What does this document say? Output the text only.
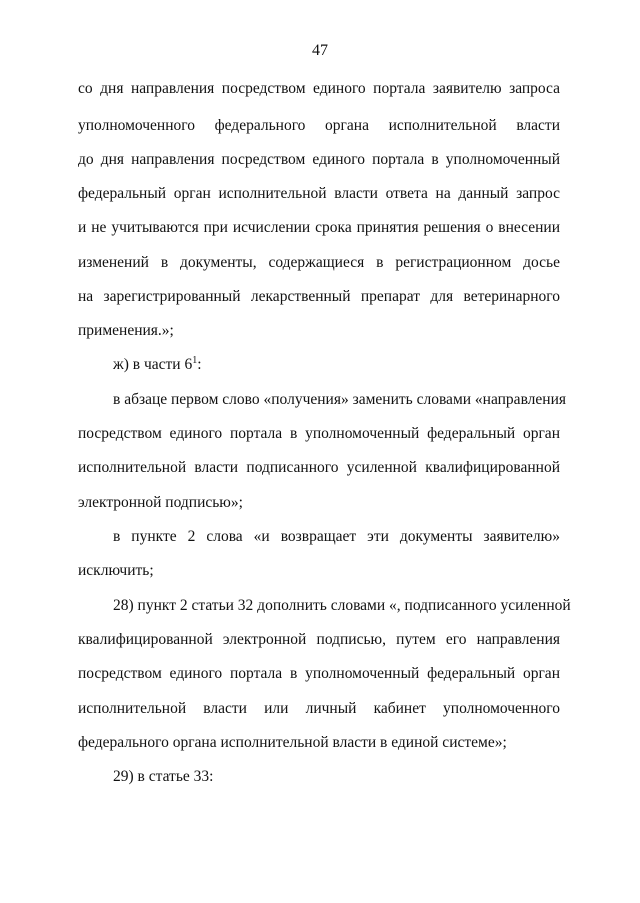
47
со дня направления посредством единого портала заявителю запроса
уполномоченного федерального органа исполнительной власти
до дня направления посредством единого портала в уполномоченный
федеральный орган исполнительной власти ответа на данный запрос
и не учитываются при исчислении срока принятия решения о внесении
изменений в документы, содержащиеся в регистрационном досье
на зарегистрированный лекарственный препарат для ветеринарного
применения.»;
ж) в части $6^1$:
в абзаце первом слово «получения» заменить словами «направления
посредством единого портала в уполномоченный федеральный орган
исполнительной власти подписанного усиленной квалифицированной
электронной подписью»;
в пункте 2 слова «и возвращает эти документы заявителю»
исключить;
28) пункт 2 статьи 32 дополнить словами «, подписанного усиленной
квалифицированной электронной подписью, путем его направления
посредством единого портала в уполномоченный федеральный орган
исполнительной власти или личный кабинет уполномоченного
федерального органа исполнительной власти в единой системе»;
29) в статье 33:
